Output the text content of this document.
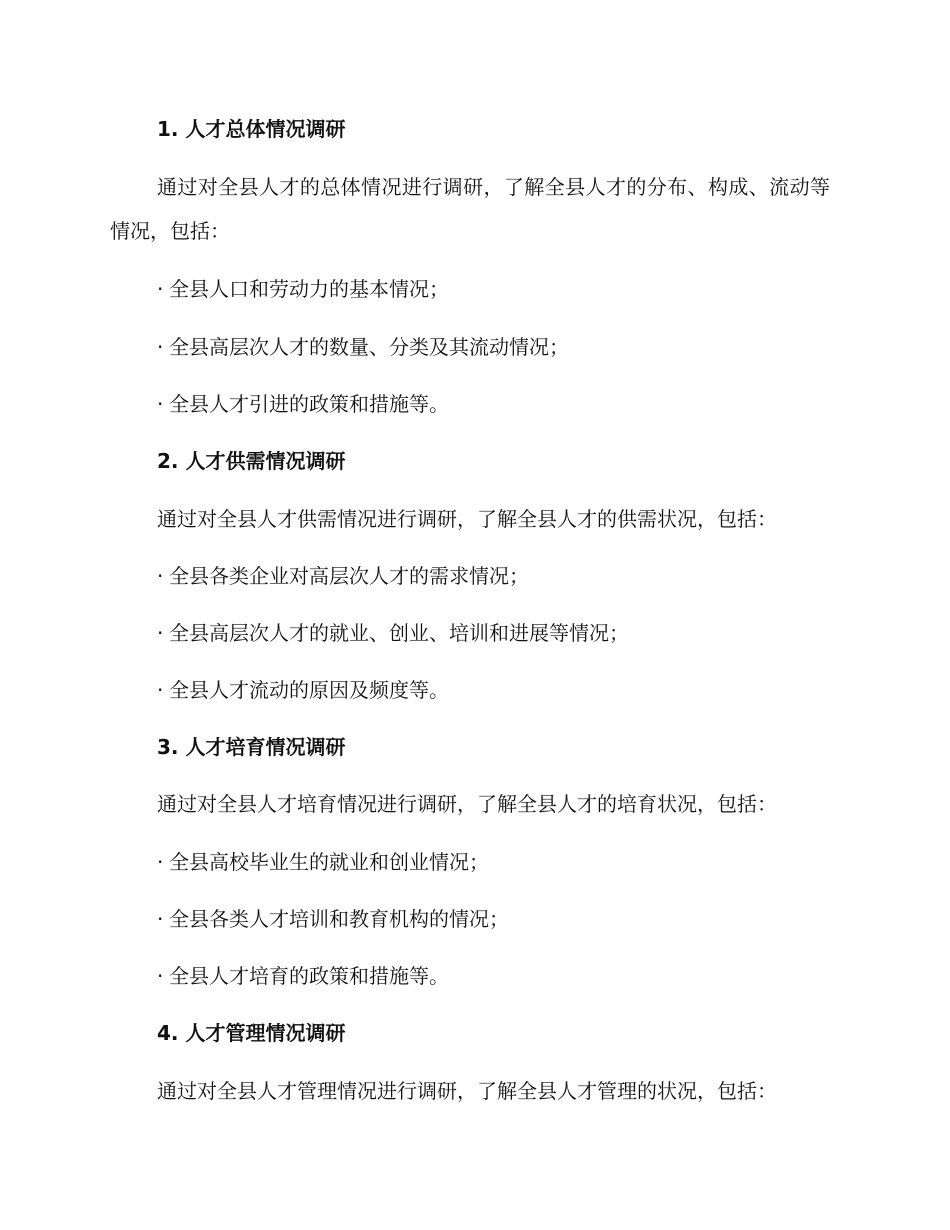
1. 人才总体情况调研
通过对全县人才的总体情况进行调研，了解全县人才的分布、构成、流动等情况，包括：
· 全县人口和劳动力的基本情况；
· 全县高层次人才的数量、分类及其流动情况；
· 全县人才引进的政策和措施等。
2. 人才供需情况调研
通过对全县人才供需情况进行调研，了解全县人才的供需状况，包括：
· 全县各类企业对高层次人才的需求情况；
· 全县高层次人才的就业、创业、培训和进展等情况；
· 全县人才流动的原因及频度等。
3. 人才培育情况调研
通过对全县人才培育情况进行调研，了解全县人才的培育状况，包括：
· 全县高校毕业生的就业和创业情况；
· 全县各类人才培训和教育机构的情况；
· 全县人才培育的政策和措施等。
4. 人才管理情况调研
通过对全县人才管理情况进行调研，了解全县人才管理的状况，包括：
